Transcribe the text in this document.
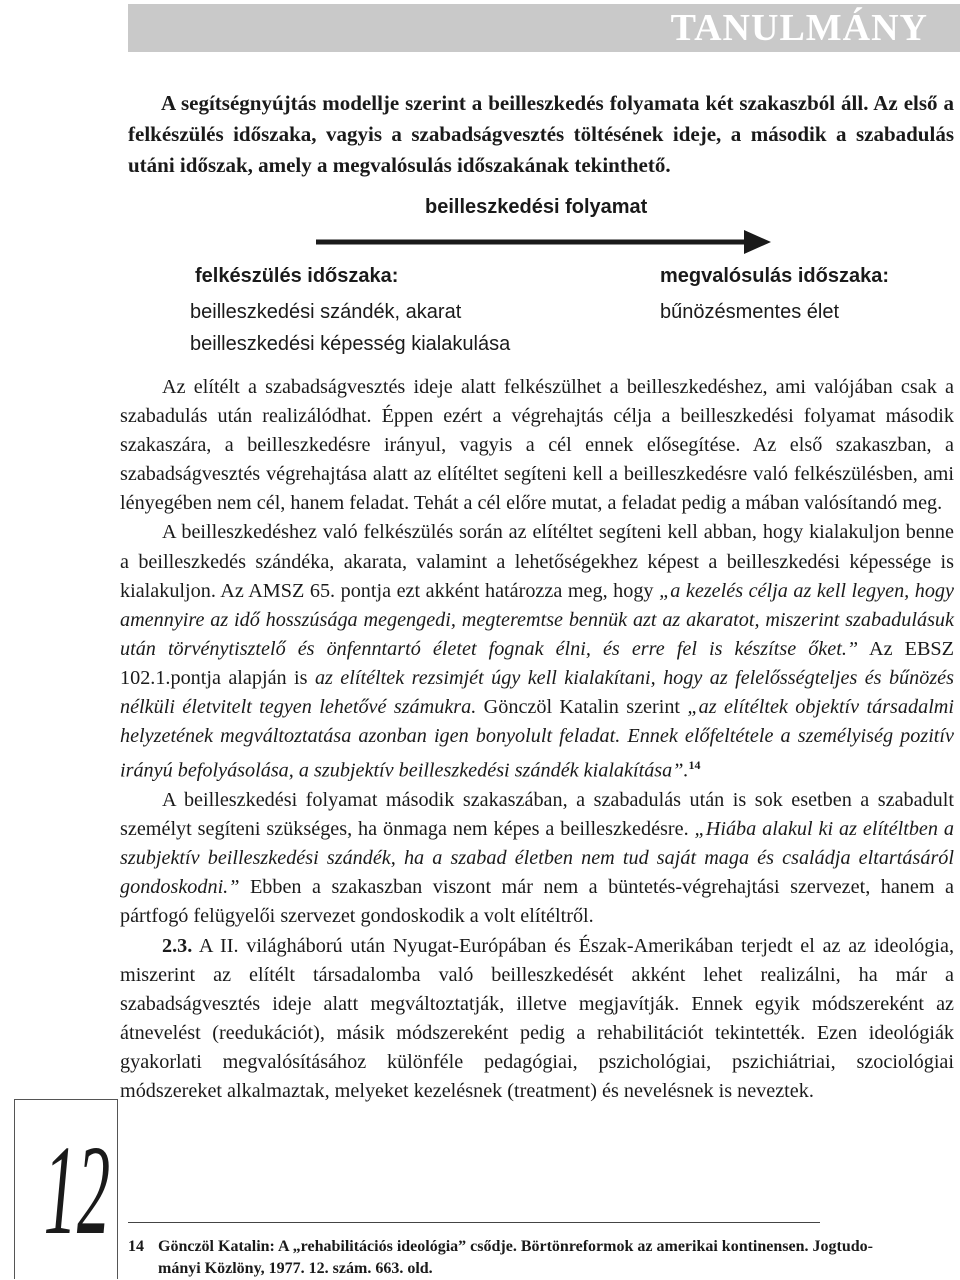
TANULMÁNY

A segítségnyújtás modellje szerint a beilleszkedés folyamata két szakaszból áll. Az első a felkészülés időszaka, vagyis a szabadságvesztés töltésének ideje, a második a szabadulás utáni időszak, amely a megvalósulás időszakának tekinthető.

beilleszkedési folyamat
felkészülés időszaka:
beilleszkedési szándék, akarat
beilleszkedési képesség kialakulása
megvalósulás időszaka:
bűnözésmentes élet

Az elítélt a szabadságvesztés ideje alatt felkészülhet a beilleszkedéshez, ami valójában csak a szabadulás után realizálódhat. Éppen ezért a végrehajtás célja a beilleszkedési folyamat második szakaszára, a beilleszkedésre irányul, vagyis a cél ennek elősegítése. Az első szakaszban, a szabadságvesztés végrehajtása alatt az elítéltet segíteni kell a beilleszkedésre való felkészülésben, ami lényegében nem cél, hanem feladat. Tehát a cél előre mutat, a feladat pedig a mában valósítandó meg.

A beilleszkedéshez való felkészülés során az elítéltet segíteni kell abban, hogy kialakuljon benne a beilleszkedés szándéka, akarata, valamint a lehetőségekhez képest a beilleszkedési képessége is kialakuljon. Az AMSZ 65. pontja ezt akként határozza meg, hogy „a kezelés célja az kell legyen, hogy amennyire az idő hosszúsága megengedi, megteremtse bennük azt az akaratot, miszerint szabadulásuk után törvénytisztelő és önfenntartó életet fognak élni, és erre fel is készítse őket.” Az EBSZ 102.1.pontja alapján is az elítéltek rezsimjét úgy kell kialakítani, hogy az felelősségteljes és bűnözés nélküli életvitelt tegyen lehetővé számukra. Gönczöl Katalin szerint „az elítéltek objektív társadalmi helyzetének megváltoztatása azonban igen bonyolult feladat. Ennek előfeltétele a személyiség pozitív irányú befolyásolása, a szubjektív beilleszkedési szándék kialakítása”.$^{14}$

A beilleszkedési folyamat második szakaszában, a szabadulás után is sok esetben a szabadult személyt segíteni szükséges, ha önmaga nem képes a beilleszkedésre. „Hiába alakul ki az elítéltben a szubjektív beilleszkedési szándék, ha a szabad életben nem tud saját maga és családja eltartásáról gondoskodni.” Ebben a szakaszban viszont már nem a büntetés-végrehajtási szervezet, hanem a pártfogó felügyelői szervezet gondoskodik a volt elítéltről.

2.3. A II. világháború után Nyugat-Európában és Észak-Amerikában terjedt el az az ideológia, miszerint az elítélt társadalomba való beilleszkedését akként lehet realizálni, ha már a szabadságvesztés ideje alatt megváltoztatják, illetve megjavítják. Ennek egyik módszereként az átnevelést (reedukációt), másik módszereként pedig a rehabilitációt tekintették. Ezen ideológiák gyakorlati megvalósításához különféle pedagógiai, pszichológiai, pszichiátriai, szociológiai módszereket alkalmaztak, melyeket kezelésnek (treatment) és nevelésnek is neveztek.

12 14 Gönczöl Katalin: A „rehabilitációs ideológia” csődje. Börtönreformok az amerikai kontinensen. Jogtudo-
mányi Közlöny, 1977. 12. szám. 663. old.
